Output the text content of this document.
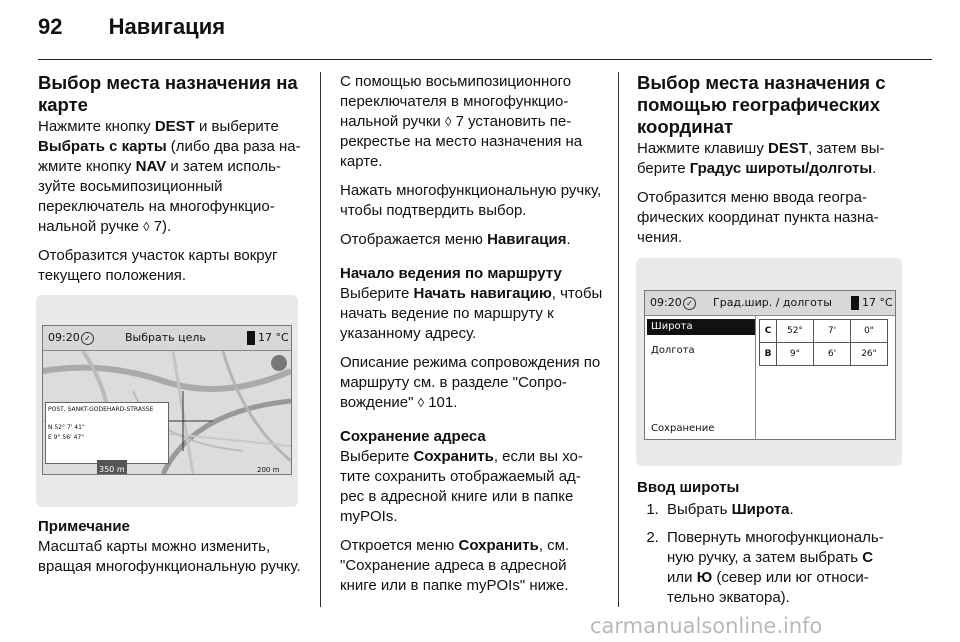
92 Навигация
Выбор места назначения на карте

Нажмите кнопку DEST и выберите Выбрать с карты (либо два раза на-жмите кнопку NAV и затем исполь-зуйте восьмипозиционный переключатель на многофункцио-нальной ручке ◊ 7).

Отобразится участок карты вокруг текущего положения.

09:20 ✓	Выбрать цель	17 °C
POST, SANKT-GODEHARD-STRASSE
N 52° 7' 41"
E 9° 56' 47"
350 m	200 m
Примечание
Масштаб карты можно изменить, вращая многофункциональную ручку.

С помощью восьмипозиционного переключателя в многофункцио-нальной ручки ◊ 7 установить пе-рекрестье на место назначения на карте.

Нажать многофункциональную ручку, чтобы подтвердить выбор.

Отображается меню Навигация.

Начало ведения по маршруту

Выберите Начать навигацию, чтобы начать ведение по маршруту к указанному адресу.

Описание режима сопровождения по маршруту см. в разделе "Сопро-вождение" ◊ 101.

Сохранение адреса

Выберите Сохранить, если вы хо-тите сохранить отображаемый ад-рес в адресной книге или в папке myPOIs.

Откроется меню Сохранить, см. "Сохранение адреса в адресной книге или в папке myPOIs" ниже.

Выбор места назначения с помощью географических координат

Нажмите клавишу DEST, затем вы-берите Градус широты/долготы.

Отобразится меню ввода геогра-фических координат пункта назна-чения.

09:20 ✓ Град.шир. / долготы	17 °C
Широта
Долгота
Сохранение
С	52°	7'	0"
В	9°	6'	26"
Ввод широты
1. Выбрать Широта.
2. Повернуть многофункциональ-ную ручку, а затем выбрать С или Ю (север или юг относи-тельно экватора).
carmanualsonline.info
